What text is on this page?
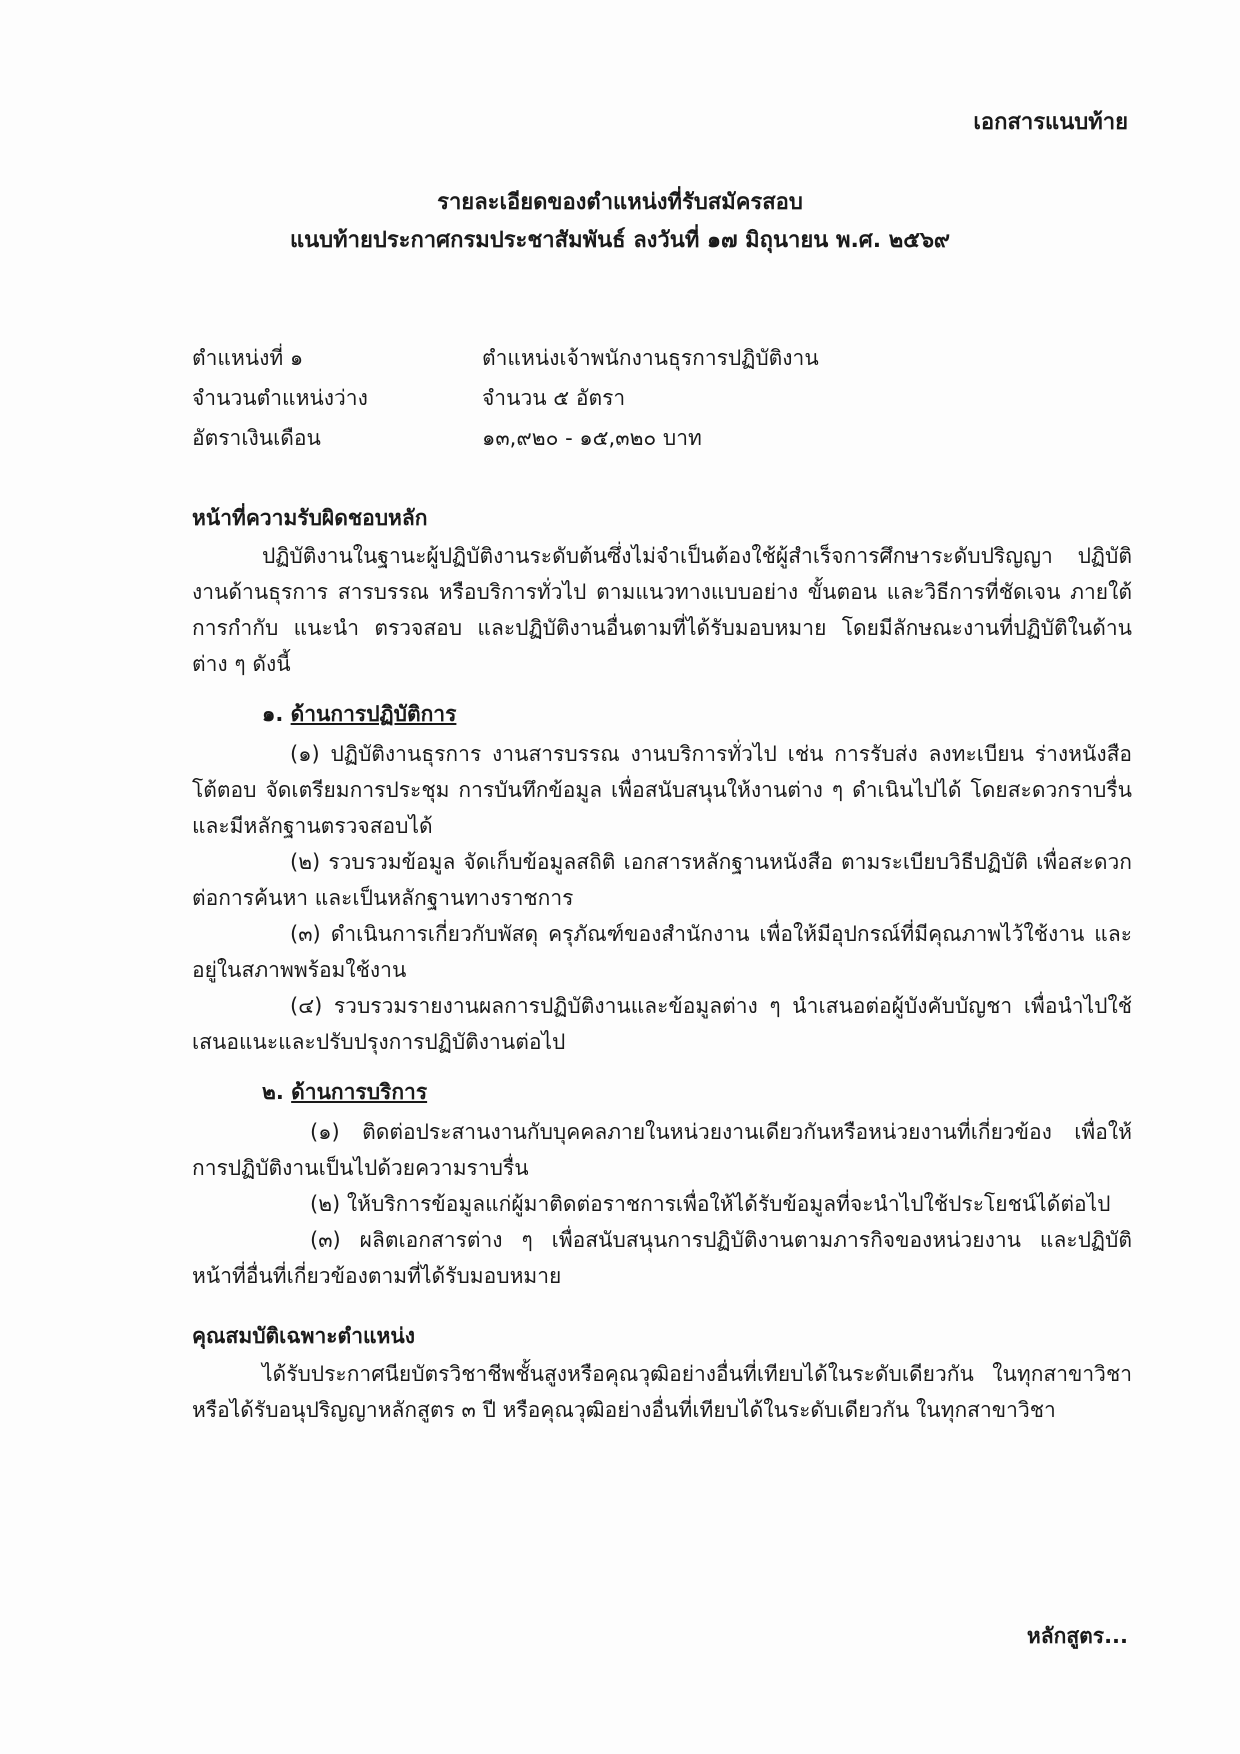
เอกสารแนบท้าย
รายละเอียดของตำแหน่งที่รับสมัครสอบ
แนบท้ายประกาศกรมประชาสัมพันธ์ ลงวันที่ ๑๗ มิถุนายน พ.ศ. ๒๕๖๙
ตำแหน่งที่ ๑	ตำแหน่งเจ้าพนักงานธุรการปฏิบัติงาน
จำนวนตำแหน่งว่าง	จำนวน ๕ อัตรา
อัตราเงินเดือน	๑๓,๙๒๐ - ๑๕,๓๒๐ บาท
หน้าที่ความรับผิดชอบหลัก

ปฏิบัติงานในฐานะผู้ปฏิบัติงานระดับต้นซึ่งไม่จำเป็นต้องใช้ผู้สำเร็จการศึกษาระดับปริญญา ปฏิบัติงานด้านธุรการ สารบรรณ หรือบริการทั่วไป ตามแนวทางแบบอย่าง ขั้นตอน และวิธีการที่ชัดเจน ภายใต้การกำกับ แนะนำ ตรวจสอบ และปฏิบัติงานอื่นตามที่ได้รับมอบหมาย โดยมีลักษณะงานที่ปฏิบัติในด้านต่าง ๆ ดังนี้

๑. ด้านการปฏิบัติการ

(๑) ปฏิบัติงานธุรการ งานสารบรรณ งานบริการทั่วไป เช่น การรับส่ง ลงทะเบียน ร่างหนังสือโต้ตอบ จัดเตรียมการประชุม การบันทึกข้อมูล เพื่อสนับสนุนให้งานต่าง ๆ ดำเนินไปได้ โดยสะดวกราบรื่น และมีหลักฐานตรวจสอบได้

(๒) รวบรวมข้อมูล จัดเก็บข้อมูลสถิติ เอกสารหลักฐานหนังสือ ตามระเบียบวิธีปฏิบัติ เพื่อสะดวกต่อการค้นหา และเป็นหลักฐานทางราชการ

(๓) ดำเนินการเกี่ยวกับพัสดุ ครุภัณฑ์ของสำนักงาน เพื่อให้มีอุปกรณ์ที่มีคุณภาพไว้ใช้งาน และอยู่ในสภาพพร้อมใช้งาน

(๔) รวบรวมรายงานผลการปฏิบัติงานและข้อมูลต่าง ๆ นำเสนอต่อผู้บังคับบัญชา เพื่อนำไปใช้ เสนอแนะและปรับปรุงการปฏิบัติงานต่อไป

๒. ด้านการบริการ

(๑) ติดต่อประสานงานกับบุคคลภายในหน่วยงานเดียวกันหรือหน่วยงานที่เกี่ยวข้อง เพื่อให้ การปฏิบัติงานเป็นไปด้วยความราบรื่น

(๒) ให้บริการข้อมูลแก่ผู้มาติดต่อราชการเพื่อให้ได้รับข้อมูลที่จะนำไปใช้ประโยชน์ได้ต่อไป

(๓) ผลิตเอกสารต่าง ๆ เพื่อสนับสนุนการปฏิบัติงานตามภารกิจของหน่วยงาน และปฏิบัติ หน้าที่อื่นที่เกี่ยวข้องตามที่ได้รับมอบหมาย

คุณสมบัติเฉพาะตำแหน่ง

ได้รับประกาศนียบัตรวิชาชีพชั้นสูงหรือคุณวุฒิอย่างอื่นที่เทียบได้ในระดับเดียวกัน ในทุกสาขาวิชา หรือได้รับอนุปริญญาหลักสูตร ๓ ปี หรือคุณวุฒิอย่างอื่นที่เทียบได้ในระดับเดียวกัน ในทุกสาขาวิชา

หลักสูตร...
